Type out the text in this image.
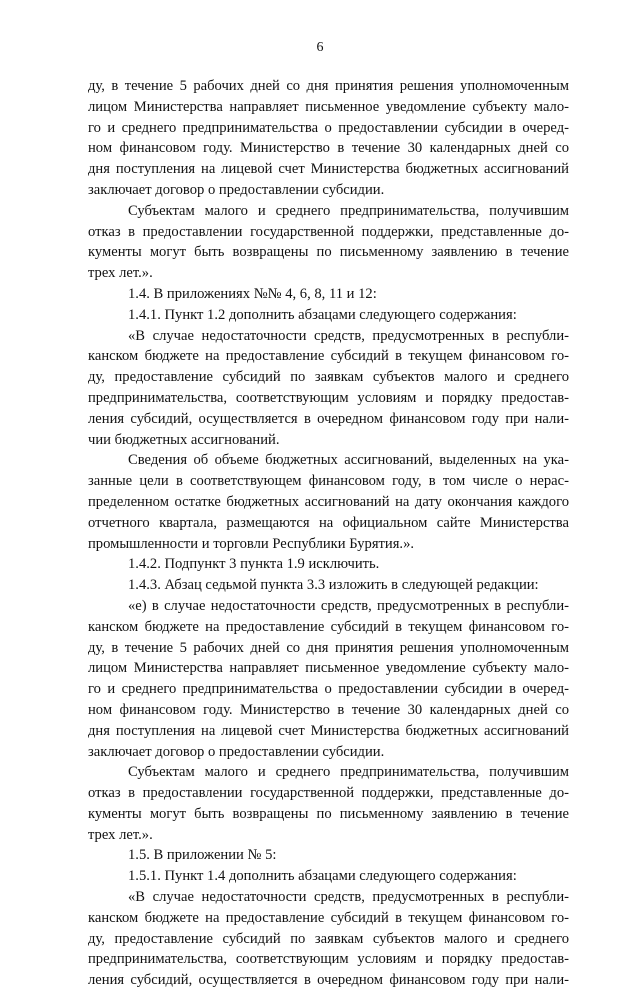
6

ду, в течение 5 рабочих дней со дня принятия решения уполномоченным

лицом Министерства направляет письменное уведомление субъекту мало-

го и среднего предпринимательства о предоставлении субсидии в очеред-

ном финансовом году. Министерство в течение 30 календарных дней со

дня поступления на лицевой счет Министерства бюджетных ассигнований

заключает договор о предоставлении субсидии.

Субъектам малого и среднего предпринимательства, получившим

отказ в предоставлении государственной поддержки, представленные до-

кументы могут быть возвращены по письменному заявлению в течение

трех лет.».

1.4. В приложениях №№ 4, 6, 8, 11 и 12:

1.4.1. Пункт 1.2 дополнить абзацами следующего содержания:

«В случае недостаточности средств, предусмотренных в республи-

канском бюджете на предоставление субсидий в текущем финансовом го-

ду, предоставление субсидий по заявкам субъектов малого и среднего

предпринимательства, соответствующим условиям и порядку предостав-

ления субсидий, осуществляется в очередном финансовом году при нали-

чии бюджетных ассигнований.

Сведения об объеме бюджетных ассигнований, выделенных на ука-

занные цели в соответствующем финансовом году, в том числе о нерас-

пределенном остатке бюджетных ассигнований на дату окончания каждого

отчетного квартала, размещаются на официальном сайте Министерства

промышленности и торговли Республики Бурятия.».

1.4.2. Подпункт 3 пункта 1.9 исключить.

1.4.3. Абзац седьмой пункта 3.3 изложить в следующей редакции:

«е) в случае недостаточности средств, предусмотренных в республи-

канском бюджете на предоставление субсидий в текущем финансовом го-

ду, в течение 5 рабочих дней со дня принятия решения уполномоченным

лицом Министерства направляет письменное уведомление субъекту мало-

го и среднего предпринимательства о предоставлении субсидии в очеред-

ном финансовом году. Министерство в течение 30 календарных дней со

дня поступления на лицевой счет Министерства бюджетных ассигнований

заключает договор о предоставлении субсидии.

Субъектам малого и среднего предпринимательства, получившим

отказ в предоставлении государственной поддержки, представленные до-

кументы могут быть возвращены по письменному заявлению в течение

трех лет.».

1.5. В приложении № 5:

1.5.1. Пункт 1.4 дополнить абзацами следующего содержания:

«В случае недостаточности средств, предусмотренных в республи-

канском бюджете на предоставление субсидий в текущем финансовом го-

ду, предоставление субсидий по заявкам субъектов малого и среднего

предпринимательства, соответствующим условиям и порядку предостав-

ления субсидий, осуществляется в очередном финансовом году при нали-
